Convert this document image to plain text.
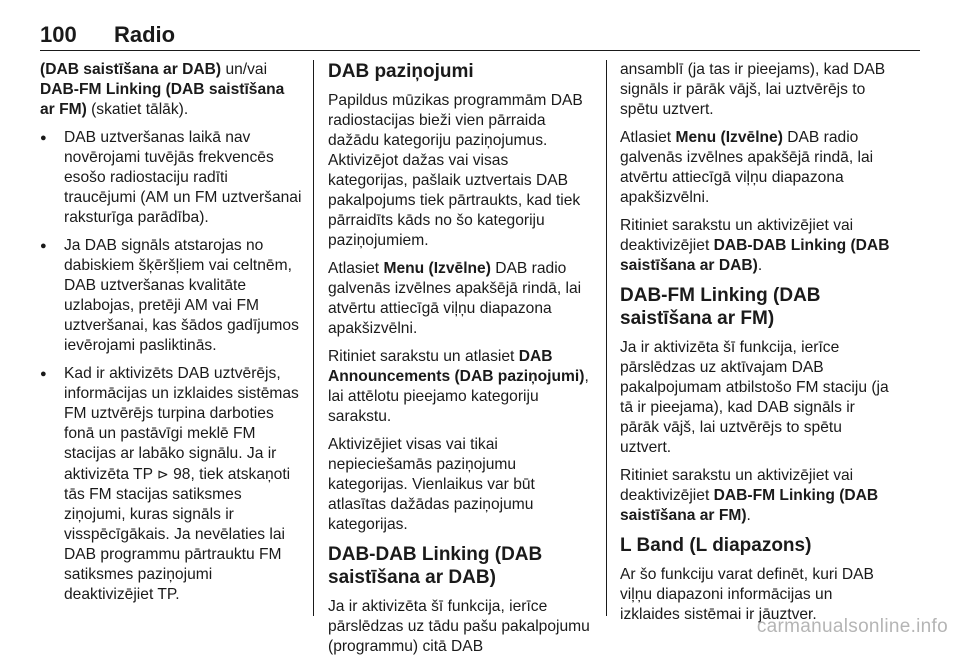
100 Radio

(DAB saistīšana ar DAB) un/vai DAB-FM Linking (DAB saistīšana ar FM) (skatiet tālāk).

● DAB uztveršanas laikā nav novērojami tuvējās frekvencēs esošo radiostaciju radīti traucējumi (AM un FM uztveršanai raksturīga parādība).
● Ja DAB signāls atstarojas no dabiskiem šķēršļiem vai celtnēm, DAB uztveršanas kvalitāte uzlabojas, pretēji AM vai FM uztveršanai, kas šādos gadījumos ievērojami pasliktinās.
● Kad ir aktivizēts DAB uztvērējs, informācijas un izklaides sistēmas FM uztvērējs turpina darboties fonā un pastāvīgi meklē FM stacijas ar labāko signālu. Ja ir aktivizēta TP ⊳ 98, tiek atskaņoti tās FM stacijas satiksmes ziņojumi, kuras signāls ir visspēcīgākais. Ja nevēlaties lai DAB programmu pārtrauktu FM satiksmes paziņojumi deaktivizējiet TP.
DAB paziņojumi

Papildus mūzikas programmām DAB radiostacijas bieži vien pārraida dažādu kategoriju paziņojumus. Aktivizējot dažas vai visas kategorijas, pašlaik uztvertais DAB pakalpojums tiek pārtraukts, kad tiek pārraidīts kāds no šo kategoriju paziņojumiem.

Atlasiet Menu (Izvēlne) DAB radio galvenās izvēlnes apakšējā rindā, lai atvērtu attiecīgā viļņu diapazona apakšizvēlni.

Ritiniet sarakstu un atlasiet DAB Announcements (DAB paziņojumi), lai attēlotu pieejamo kategoriju sarakstu.

Aktivizējiet visas vai tikai nepieciešamās paziņojumu kategorijas. Vienlaikus var būt atlasītas dažādas paziņojumu kategorijas.

DAB-DAB Linking (DAB saistīšana ar DAB)

Ja ir aktivizēta šī funkcija, ierīce pārslēdzas uz tādu pašu pakalpojumu (programmu) citā DAB

ansamblī (ja tas ir pieejams), kad DAB signāls ir pārāk vājš, lai uztvērējs to spētu uztvert.

Atlasiet Menu (Izvēlne) DAB radio galvenās izvēlnes apakšējā rindā, lai atvērtu attiecīgā viļņu diapazona apakšizvēlni.

Ritiniet sarakstu un aktivizējiet vai deaktivizējiet DAB-DAB Linking (DAB saistīšana ar DAB).

DAB-FM Linking (DAB saistīšana ar FM)

Ja ir aktivizēta šī funkcija, ierīce pārslēdzas uz aktīvajam DAB pakalpojumam atbilstošo FM staciju (ja tā ir pieejama), kad DAB signāls ir pārāk vājš, lai uztvērējs to spētu uztvert.

Ritiniet sarakstu un aktivizējiet vai deaktivizējiet DAB-FM Linking (DAB saistīšana ar FM).

L Band (L diapazons)

Ar šo funkciju varat definēt, kuri DAB viļņu diapazoni informācijas un izklaides sistēmai ir jāuztver.

carmanualsonline.info
